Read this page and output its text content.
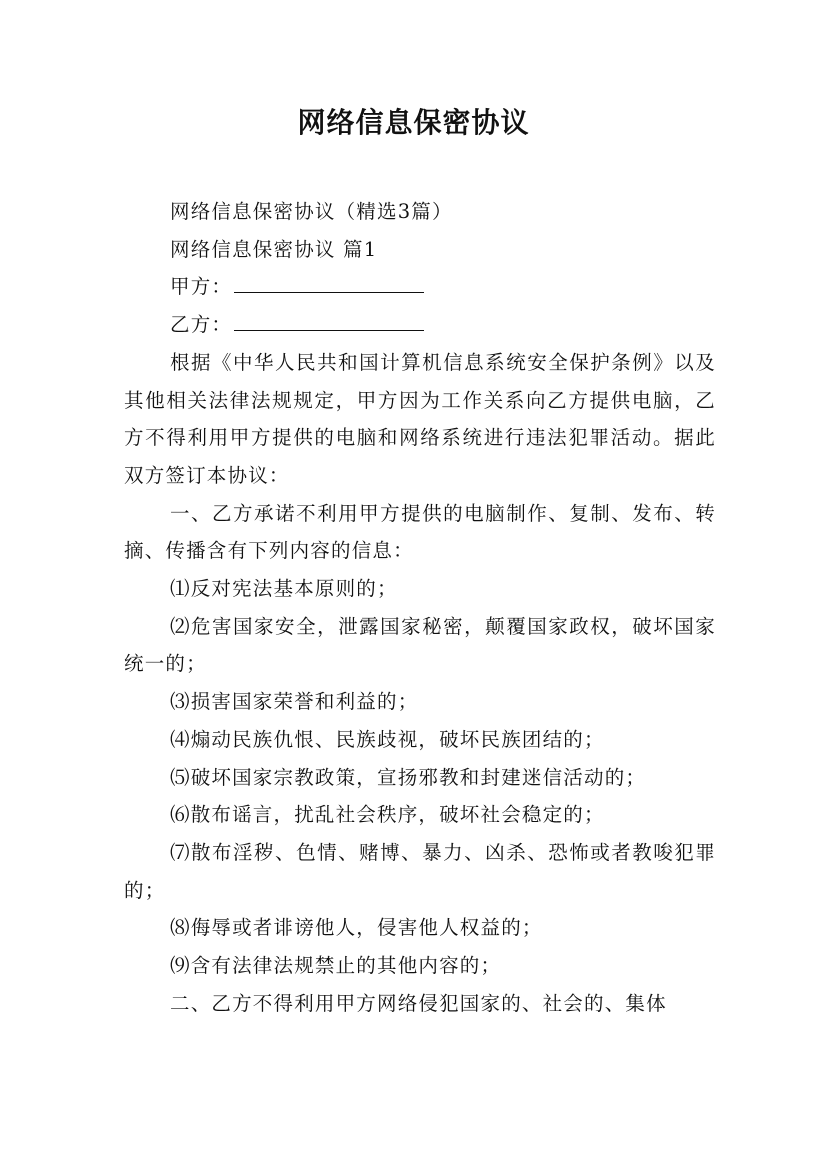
网络信息保密协议

网络信息保密协议（精选3篇）

网络信息保密协议 篇1

甲方：

乙方：

根据《中华人民共和国计算机信息系统安全保护条例》以及其他相关法律法规规定，甲方因为工作关系向乙方提供电脑，乙方不得利用甲方提供的电脑和网络系统进行违法犯罪活动。据此双方签订本协议：

一、乙方承诺不利用甲方提供的电脑制作、复制、发布、转摘、传播含有下列内容的信息：

⑴反对宪法基本原则的；

⑵危害国家安全，泄露国家秘密，颠覆国家政权，破坏国家统一的；

⑶损害国家荣誉和利益的；

⑷煽动民族仇恨、民族歧视，破坏民族团结的；

⑸破坏国家宗教政策，宣扬邪教和封建迷信活动的；

⑹散布谣言，扰乱社会秩序，破坏社会稳定的；

⑺散布淫秽、色情、赌博、暴力、凶杀、恐怖或者教唆犯罪的；

⑻侮辱或者诽谤他人，侵害他人权益的；

⑼含有法律法规禁止的其他内容的；

二、乙方不得利用甲方网络侵犯国家的、社会的、集体
